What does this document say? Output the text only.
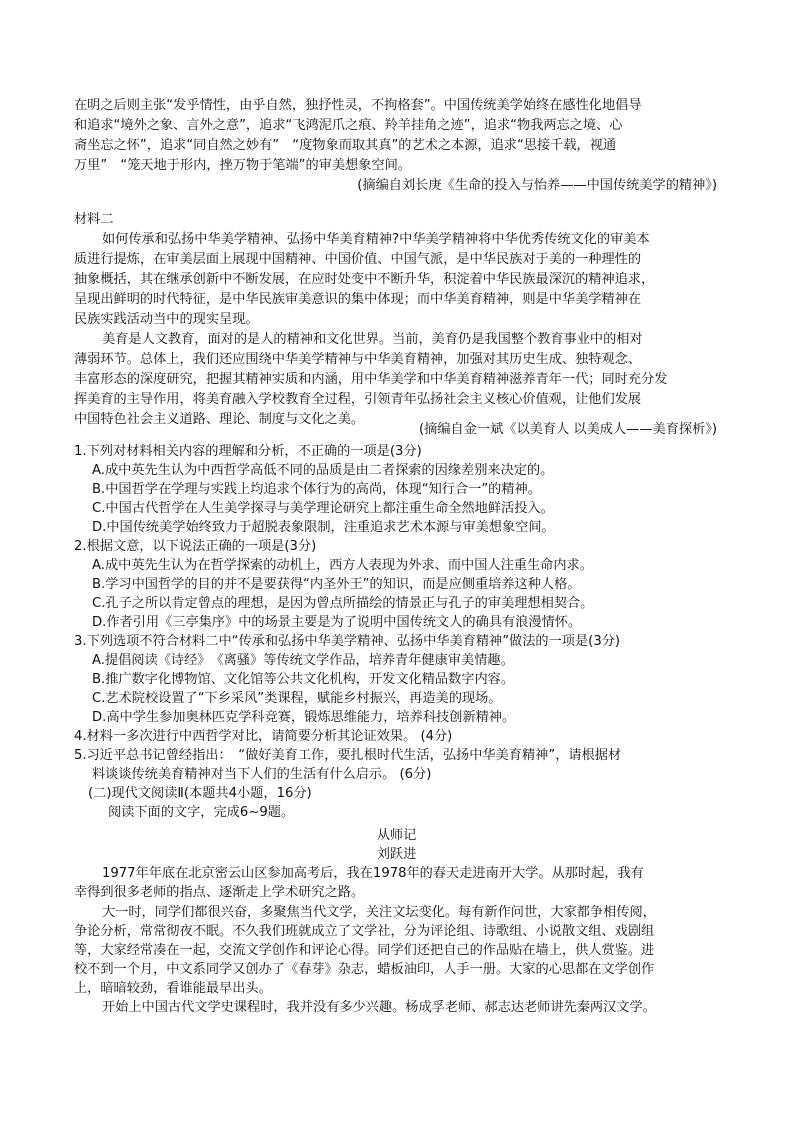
在明之后则主张“发乎情性，由乎自然，独抒性灵，不拘格套”。中国传统美学始终在感性化地倡导
和追求“境外之象、言外之意”，追求“飞鸿泥爪之痕、羚羊挂角之迹”，追求“物我两忘之境、心
斋坐忘之怀”，追求“同自然之妙有”　“度物象而取其真”的艺术之本源，追求“思接千载，视通
万里”　“笼天地于形内，挫万物于笔端”的审美想象空间。
(摘编自刘长庚《生命的投入与怡养——中国传统美学的精神》)
材料二
如何传承和弘扬中华美学精神、弘扬中华美育精神?中华美学精神将中华优秀传统文化的审美本
质进行提炼，在审美层面上展现中国精神、中国价值、中国气派，是中华民族对于美的一种理性的
抽象概括，其在继承创新中不断发展，在应时处变中不断升华，积淀着中华民族最深沉的精神追求，
呈现出鲜明的时代特征，是中华民族审美意识的集中体现；而中华美育精神，则是中华美学精神在
民族实践活动当中的现实呈现。
美育是人文教育，面对的是人的精神和文化世界。当前，美育仍是我国整个教育事业中的相对
薄弱环节。总体上，我们还应围绕中华美学精神与中华美育精神，加强对其历史生成、独特观念、
丰富形态的深度研究，把握其精神实质和内涵，用中华美学和中华美育精神滋养青年一代；同时充分发
挥美育的主导作用，将美育融入学校教育全过程，引领青年弘扬社会主义核心价值观，让他们发展
中国特色社会主义道路、理论、制度与文化之美。
(摘编自金一斌《以美育人 以美成人——美育探析》)
1.下列对材料相关内容的理解和分析，不正确的一项是(3分)
A.成中英先生认为中西哲学高低不同的品质是由二者探索的因缘差别来决定的。
B.中国哲学在学理与实践上均追求个体行为的高尚，体现“知行合一”的精神。
C.中国古代哲学在人生美学探寻与美学理论研究上都注重生命全然地鲜活投入。
D.中国传统美学始终致力于超脱表象限制，注重追求艺术本源与审美想象空间。
2.根据文意，以下说法正确的一项是(3分)
A.成中英先生认为在哲学探索的动机上，西方人表现为外求、而中国人注重生命内求。
B.学习中国哲学的目的并不是要获得“内圣外王”的知识，而是应侧重培养这种人格。
C.孔子之所以肯定曾点的理想，是因为曾点所描绘的情景正与孔子的审美理想相契合。
D.作者引用《三亭集序》中的场景主要是为了说明中国传统文人的确具有浪漫情怀。
3.下列选项不符合材料二中“传承和弘扬中华美学精神、弘扬中华美育精神”做法的一项是(3分)
A.提倡阅读《诗经》　《离骚》等传统文学作品，培养青年健康审美情趣。
B.推广数字化博物馆、文化馆等公共文化机构，开发文化精品数字内容。
C.艺术院校设置了“下乡采风”类课程，赋能乡村振兴，再造美的现场。
D.高中学生参加奥林匹克学科竞赛，锻炼思维能力，培养科技创新精神。
4.材料一多次进行中西哲学对比，请简要分析其论证效果。 (4分)
5.习近平总书记曾经指出：　“做好美育工作，要扎根时代生活，弘扬中华美育精神”，请根据材
料谈谈传统美育精神对当下人们的生活有什么启示。 (6分)
(二)现代文阅读Ⅱ(本题共4小题，16分)
阅读下面的文字，完成6~9题。
从师记
刘跃进
1977年年底在北京密云山区参加高考后，我在1978年的春天走进南开大学。从那时起，我有
幸得到很多老师的指点、逐渐走上学术研究之路。
大一时，同学们都很兴奋，多聚焦当代文学，关注文坛变化。每有新作问世，大家都争相传阅，
争论分析，常常彻夜不眠。不久我们班就成立了文学社，分为评论组、诗歌组、小说散文组、戏剧组
等，大家经常凑在一起，交流文学创作和评论心得。同学们还把自己的作品贴在墙上，供人赏鉴。进
校不到一个月，中文系同学又创办了《春芽》杂志，蜡板油印，人手一册。大家的心思都在文学创作
上，暗暗较劲，看谁能最早出头。
开始上中国古代文学史课程时，我并没有多少兴趣。杨成孚老师、郝志达老师讲先秦两汉文学。
